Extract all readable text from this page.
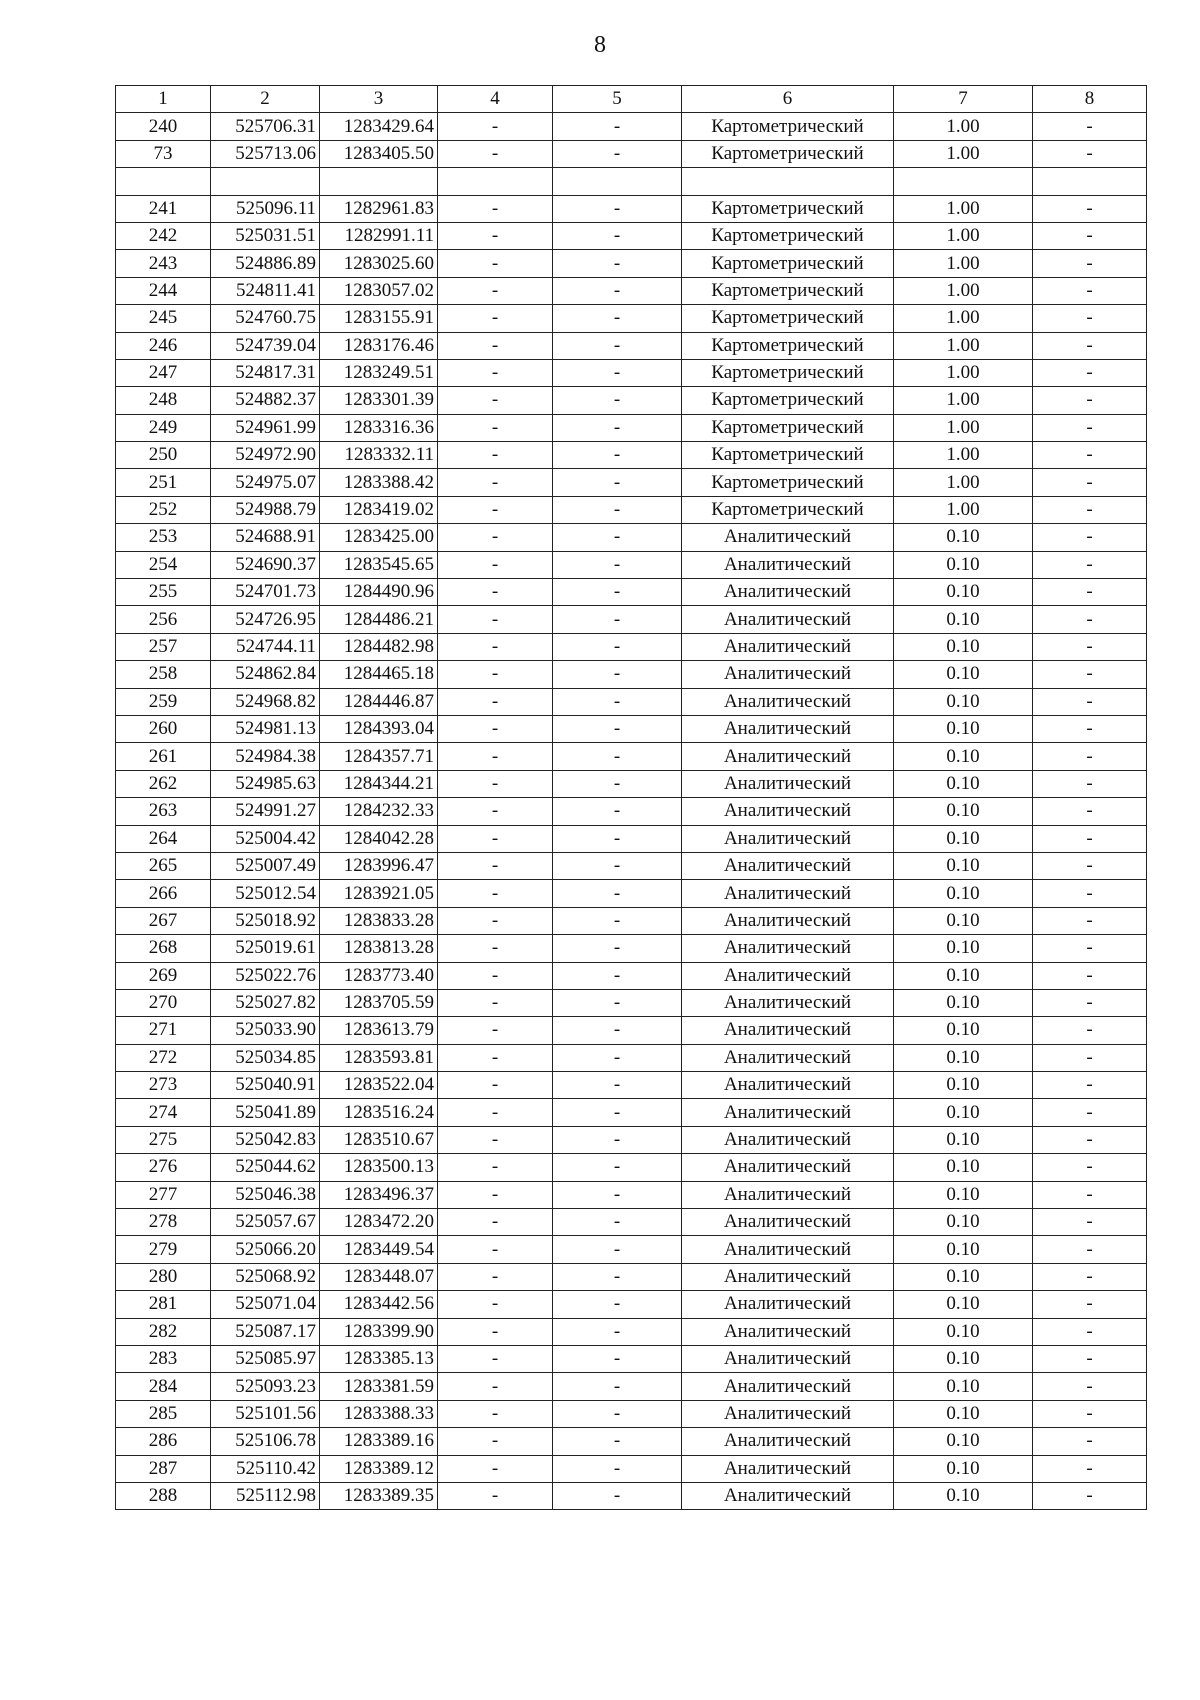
8
1	2	3	4	5	6	7	8
240	525706.31	1283429.64	-	-	Картометрический	1.00	-
73	525713.06	1283405.50	-	-	Картометрический	1.00	-

241	525096.11	1282961.83	-	-	Картометрический	1.00	-
242	525031.51	1282991.11	-	-	Картометрический	1.00	-
243	524886.89	1283025.60	-	-	Картометрический	1.00	-
244	524811.41	1283057.02	-	-	Картометрический	1.00	-
245	524760.75	1283155.91	-	-	Картометрический	1.00	-
246	524739.04	1283176.46	-	-	Картометрический	1.00	-
247	524817.31	1283249.51	-	-	Картометрический	1.00	-
248	524882.37	1283301.39	-	-	Картометрический	1.00	-
249	524961.99	1283316.36	-	-	Картометрический	1.00	-
250	524972.90	1283332.11	-	-	Картометрический	1.00	-
251	524975.07	1283388.42	-	-	Картометрический	1.00	-
252	524988.79	1283419.02	-	-	Картометрический	1.00	-
253	524688.91	1283425.00	-	-	Аналитический	0.10	-
254	524690.37	1283545.65	-	-	Аналитический	0.10	-
255	524701.73	1284490.96	-	-	Аналитический	0.10	-
256	524726.95	1284486.21	-	-	Аналитический	0.10	-
257	524744.11	1284482.98	-	-	Аналитический	0.10	-
258	524862.84	1284465.18	-	-	Аналитический	0.10	-
259	524968.82	1284446.87	-	-	Аналитический	0.10	-
260	524981.13	1284393.04	-	-	Аналитический	0.10	-
261	524984.38	1284357.71	-	-	Аналитический	0.10	-
262	524985.63	1284344.21	-	-	Аналитический	0.10	-
263	524991.27	1284232.33	-	-	Аналитический	0.10	-
264	525004.42	1284042.28	-	-	Аналитический	0.10	-
265	525007.49	1283996.47	-	-	Аналитический	0.10	-
266	525012.54	1283921.05	-	-	Аналитический	0.10	-
267	525018.92	1283833.28	-	-	Аналитический	0.10	-
268	525019.61	1283813.28	-	-	Аналитический	0.10	-
269	525022.76	1283773.40	-	-	Аналитический	0.10	-
270	525027.82	1283705.59	-	-	Аналитический	0.10	-
271	525033.90	1283613.79	-	-	Аналитический	0.10	-
272	525034.85	1283593.81	-	-	Аналитический	0.10	-
273	525040.91	1283522.04	-	-	Аналитический	0.10	-
274	525041.89	1283516.24	-	-	Аналитический	0.10	-
275	525042.83	1283510.67	-	-	Аналитический	0.10	-
276	525044.62	1283500.13	-	-	Аналитический	0.10	-
277	525046.38	1283496.37	-	-	Аналитический	0.10	-
278	525057.67	1283472.20	-	-	Аналитический	0.10	-
279	525066.20	1283449.54	-	-	Аналитический	0.10	-
280	525068.92	1283448.07	-	-	Аналитический	0.10	-
281	525071.04	1283442.56	-	-	Аналитический	0.10	-
282	525087.17	1283399.90	-	-	Аналитический	0.10	-
283	525085.97	1283385.13	-	-	Аналитический	0.10	-
284	525093.23	1283381.59	-	-	Аналитический	0.10	-
285	525101.56	1283388.33	-	-	Аналитический	0.10	-
286	525106.78	1283389.16	-	-	Аналитический	0.10	-
287	525110.42	1283389.12	-	-	Аналитический	0.10	-
288	525112.98	1283389.35	-	-	Аналитический	0.10	-
